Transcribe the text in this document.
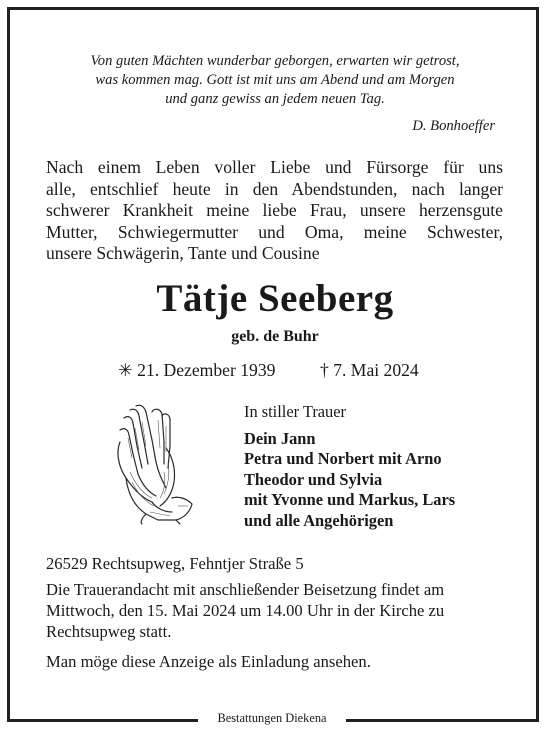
Von guten Mächten wunderbar geborgen, erwarten wir getrost,
was kommen mag. Gott ist mit uns am Abend und am Morgen
und ganz gewiss an jedem neuen Tag.
D. Bonhoeffer
Nach einem Leben voller Liebe und Fürsorge für uns
alle, entschlief heute in den Abendstunden, nach langer
schwerer Krankheit meine liebe Frau, unsere herzensgute
Mutter, Schwiegermutter und Oma, meine Schwester,
unsere Schwägerin, Tante und Cousine
Tätje Seeberg
geb. de Buhr
✳ 21. Dezember 1939	† 7. Mai 2024
In stiller Trauer
Dein Jann
Petra und Norbert mit Arno
Theodor und Sylvia
mit Yvonne und Markus, Lars
und alle Angehörigen
26529 Rechtsupweg, Fehntjer Straße 5
Die Trauerandacht mit anschließender Beisetzung findet am
Mittwoch, den 15. Mai 2024 um 14.00 Uhr in der Kirche zu
Rechtsupweg statt.
Man möge diese Anzeige als Einladung ansehen.
Bestattungen Diekena
